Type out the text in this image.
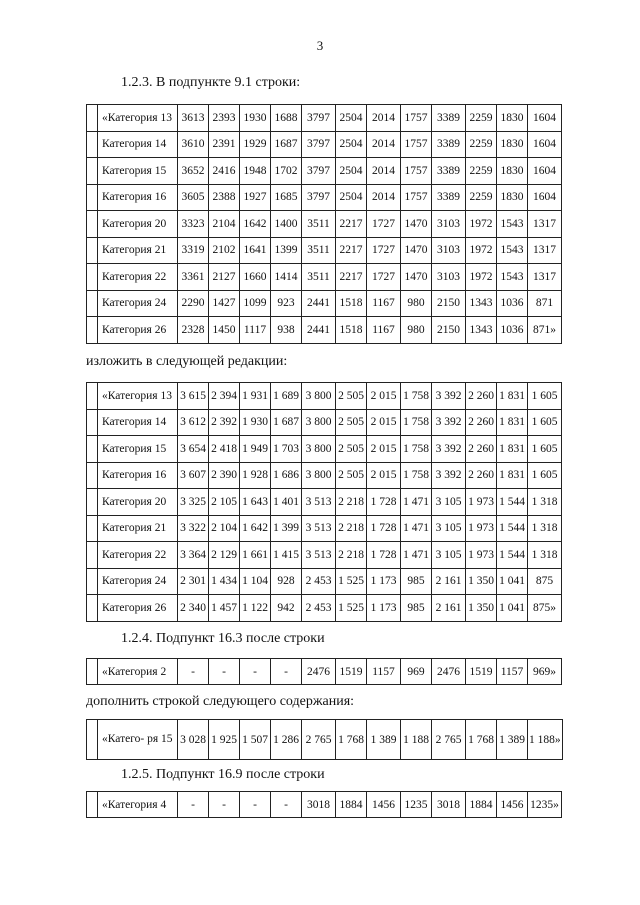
3
1.2.3. В подпункте 9.1 строки:
	«Категория 13	3613	2393	1930	1688	3797	2504	2014	1757	3389	2259	1830	1604
	Категория 14	3610	2391	1929	1687	3797	2504	2014	1757	3389	2259	1830	1604
	Категория 15	3652	2416	1948	1702	3797	2504	2014	1757	3389	2259	1830	1604
	Категория 16	3605	2388	1927	1685	3797	2504	2014	1757	3389	2259	1830	1604
	Категория 20	3323	2104	1642	1400	3511	2217	1727	1470	3103	1972	1543	1317
	Категория 21	3319	2102	1641	1399	3511	2217	1727	1470	3103	1972	1543	1317
	Категория 22	3361	2127	1660	1414	3511	2217	1727	1470	3103	1972	1543	1317
	Категория 24	2290	1427	1099	923	2441	1518	1167	980	2150	1343	1036	871
	Категория 26	2328	1450	1117	938	2441	1518	1167	980	2150	1343	1036	871»
изложить в следующей редакции:
	«Категория 13	3 615	2 394	1 931	1 689	3 800	2 505	2 015	1 758	3 392	2 260	1 831	1 605
	Категория 14	3 612	2 392	1 930	1 687	3 800	2 505	2 015	1 758	3 392	2 260	1 831	1 605
	Категория 15	3 654	2 418	1 949	1 703	3 800	2 505	2 015	1 758	3 392	2 260	1 831	1 605
	Категория 16	3 607	2 390	1 928	1 686	3 800	2 505	2 015	1 758	3 392	2 260	1 831	1 605
	Категория 20	3 325	2 105	1 643	1 401	3 513	2 218	1 728	1 471	3 105	1 973	1 544	1 318
	Категория 21	3 322	2 104	1 642	1 399	3 513	2 218	1 728	1 471	3 105	1 973	1 544	1 318
	Категория 22	3 364	2 129	1 661	1 415	3 513	2 218	1 728	1 471	3 105	1 973	1 544	1 318
	Категория 24	2 301	1 434	1 104	928	2 453	1 525	1 173	985	2 161	1 350	1 041	875
	Категория 26	2 340	1 457	1 122	942	2 453	1 525	1 173	985	2 161	1 350	1 041	875»
1.2.4. Подпункт 16.3 после строки
	«Категория 2	-	-	-	-	2476	1519	1157	969	2476	1519	1157	969»
дополнить строкой следующего содержания:
	«Катего- ря 15	3 028	1 925	1 507	1 286	2 765	1 768	1 389	1 188	2 765	1 768	1 389	1 188»
1.2.5. Подпункт 16.9 после строки
	«Категория 4	-	-	-	-	3018	1884	1456	1235	3018	1884	1456	1235»
